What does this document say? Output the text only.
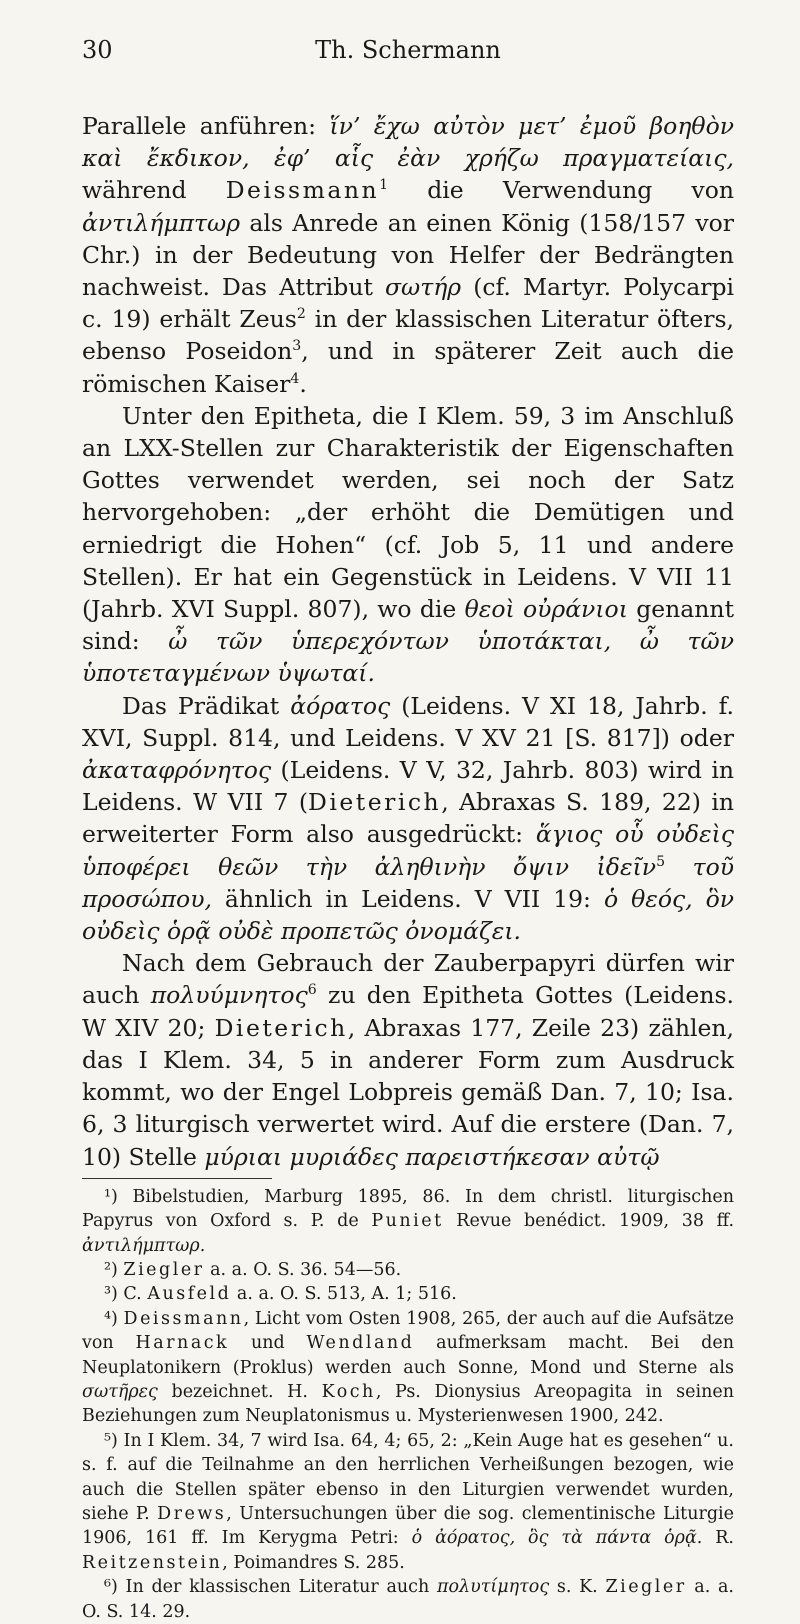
30	Th. Schermann

Parallele anführen: ἵν’ ἔχω αὐτὸν μετ’ ἐμοῦ βοηθὸν καὶ ἔκδικον, ἐφ’ αἷς ἐὰν χρήζω πραγματείαις, während Deissmann$^1$ die Verwendung von ἀντιλήμπτωρ als Anrede an einen König (158/157 vor Chr.) in der Bedeutung von Helfer der Bedrängten nachweist. Das Attribut σωτήρ (cf. Martyr. Polycarpi c. 19) erhält Zeus$^2$ in der klassischen Literatur öfters, ebenso Poseidon$^3$, und in späterer Zeit auch die römischen Kaiser$^4$.

Unter den Epitheta, die I Klem. 59, 3 im Anschluß an LXX-Stellen zur Charakteristik der Eigenschaften Gottes verwendet werden, sei noch der Satz hervorgehoben: „der erhöht die Demütigen und erniedrigt die Hohen“ (cf. Job 5, 11 und andere Stellen). Er hat ein Gegenstück in Leidens. V VII 11 (Jahrb. XVI Suppl. 807), wo die θεοὶ οὐράνιοι genannt sind: ὦ τῶν ὑπερεχόντων ὑποτάκται, ὦ τῶν ὑποτεταγμένων ὑψωταί.

Das Prädikat ἀόρατος (Leidens. V XI 18, Jahrb. f. XVI, Suppl. 814, und Leidens. V XV 21 [S. 817]) oder ἀκαταφρόνητος (Leidens. V V, 32, Jahrb. 803) wird in Leidens. W VII 7 (Dieterich, Abraxas S. 189, 22) in erweiterter Form also ausgedrückt: ἅγιος οὗ οὐδεὶς ὑποφέρει θεῶν τὴν ἀληθινὴν ὄψιν ἰδεῖν$^5$ τοῦ προσώπου, ähnlich in Leidens. V VII 19: ὁ θεός, ὃν οὐδεὶς ὁρᾷ οὐδὲ προπετῶς ὀνομάζει.

Nach dem Gebrauch der Zauberpapyri dürfen wir auch πολυύμνητος$^6$ zu den Epitheta Gottes (Leidens. W XIV 20; Dieterich, Abraxas 177, Zeile 23) zählen, das I Klem. 34, 5 in anderer Form zum Ausdruck kommt, wo der Engel Lobpreis gemäß Dan. 7, 10; Isa. 6, 3 liturgisch verwertet wird. Auf die erstere (Dan. 7, 10) Stelle μύριαι μυριάδες παρειστήκεσαν αὐτῷ

¹) Bibelstudien, Marburg 1895, 86. In dem christl. liturgischen Papyrus von Oxford s. P. de Puniet Revue benédict. 1909, 38 ff. ἀντιλήμπτωρ.

²) Ziegler a. a. O. S. 36. 54—56.

³) C. Ausfeld a. a. O. S. 513, A. 1; 516.

⁴) Deissmann, Licht vom Osten 1908, 265, der auch auf die Aufsätze von Harnack und Wendland aufmerksam macht. Bei den Neuplatonikern (Proklus) werden auch Sonne, Mond und Sterne als σωτῆρες bezeichnet. H. Koch, Ps. Dionysius Areopagita in seinen Beziehungen zum Neuplatonismus u. Mysterienwesen 1900, 242.

⁵) In I Klem. 34, 7 wird Isa. 64, 4; 65, 2: „Kein Auge hat es gesehen“ u. s. f. auf die Teilnahme an den herrlichen Verheißungen bezogen, wie auch die Stellen später ebenso in den Liturgien verwendet wurden, siehe P. Drews, Untersuchungen über die sog. clementinische Liturgie 1906, 161 ff. Im Kerygma Petri: ὁ ἀόρατος, ὃς τὰ πάντα ὁρᾷ. R. Reitzenstein, Poimandres S. 285.

⁶) In der klassischen Literatur auch πολυτίμητος s. K. Ziegler a. a. O. S. 14. 29.
